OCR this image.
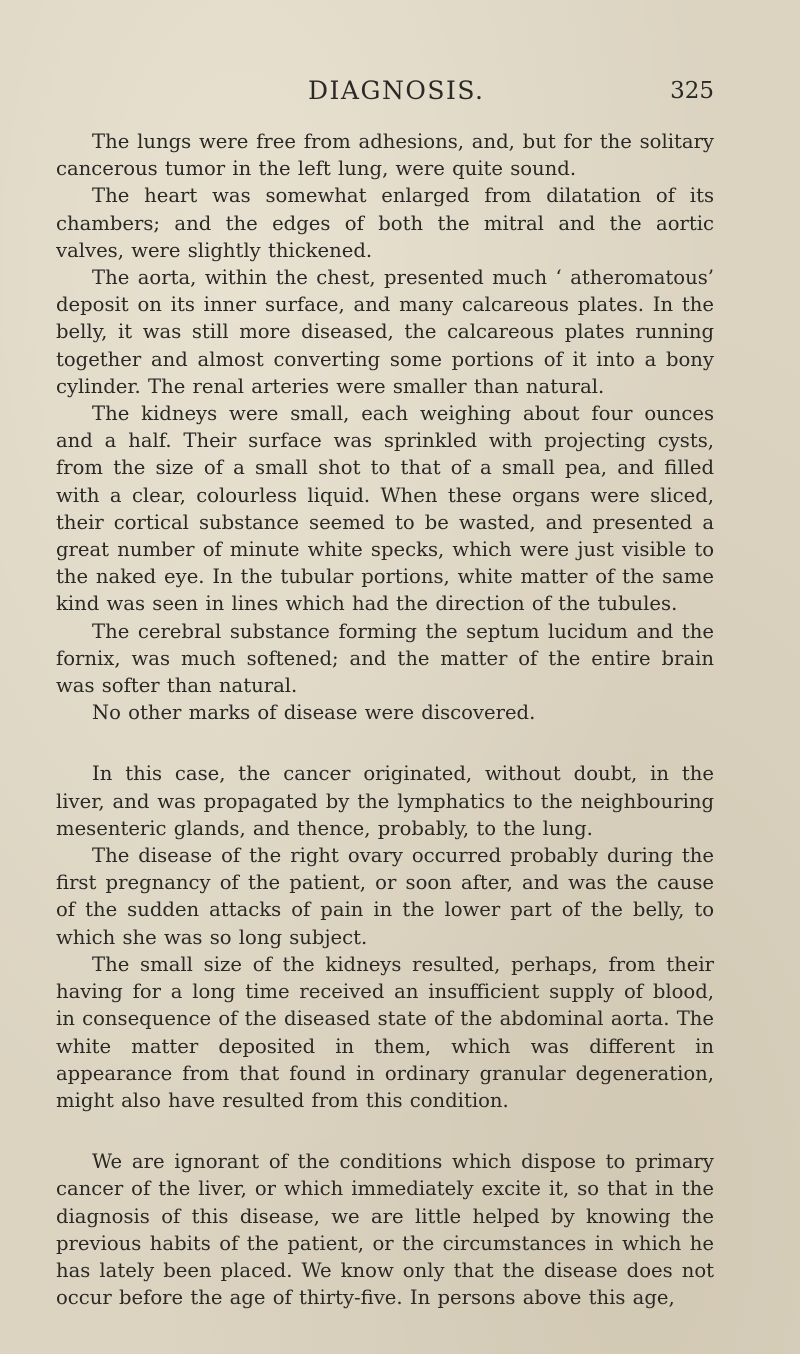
DIAGNOSIS.	325

The lungs were free from adhesions, and, but for the solitary cancerous tumor in the left lung, were quite sound.

The heart was somewhat enlarged from dilatation of its chambers; and the edges of both the mitral and the aortic valves, were slightly thickened.

The aorta, within the chest, presented much ‘ atheromatous’ deposit on its inner surface, and many calcareous plates. In the belly, it was still more diseased, the calcareous plates running together and almost converting some portions of it into a bony cylinder. The renal arteries were smaller than natural.

The kidneys were small, each weighing about four ounces and a half. Their surface was sprinkled with projecting cysts, from the size of a small shot to that of a small pea, and filled with a clear, colourless liquid. When these organs were sliced, their cortical substance seemed to be wasted, and presented a great number of minute white specks, which were just visible to the naked eye. In the tubular portions, white matter of the same kind was seen in lines which had the direction of the tubules.

The cerebral substance forming the septum lucidum and the fornix, was much softened; and the matter of the entire brain was softer than natural.

No other marks of disease were discovered.

In this case, the cancer originated, without doubt, in the liver, and was propagated by the lymphatics to the neighbouring mesenteric glands, and thence, probably, to the lung.

The disease of the right ovary occurred probably during the first pregnancy of the patient, or soon after, and was the cause of the sudden attacks of pain in the lower part of the belly, to which she was so long subject.

The small size of the kidneys resulted, perhaps, from their having for a long time received an insufficient supply of blood, in consequence of the diseased state of the abdominal aorta. The white matter deposited in them, which was different in appearance from that found in ordinary granular degeneration, might also have resulted from this condition.

We are ignorant of the conditions which dispose to primary cancer of the liver, or which immediately excite it, so that in the diagnosis of this disease, we are little helped by knowing the previous habits of the patient, or the circumstances in which he has lately been placed. We know only that the disease does not occur before the age of thirty-five. In persons above this age,
